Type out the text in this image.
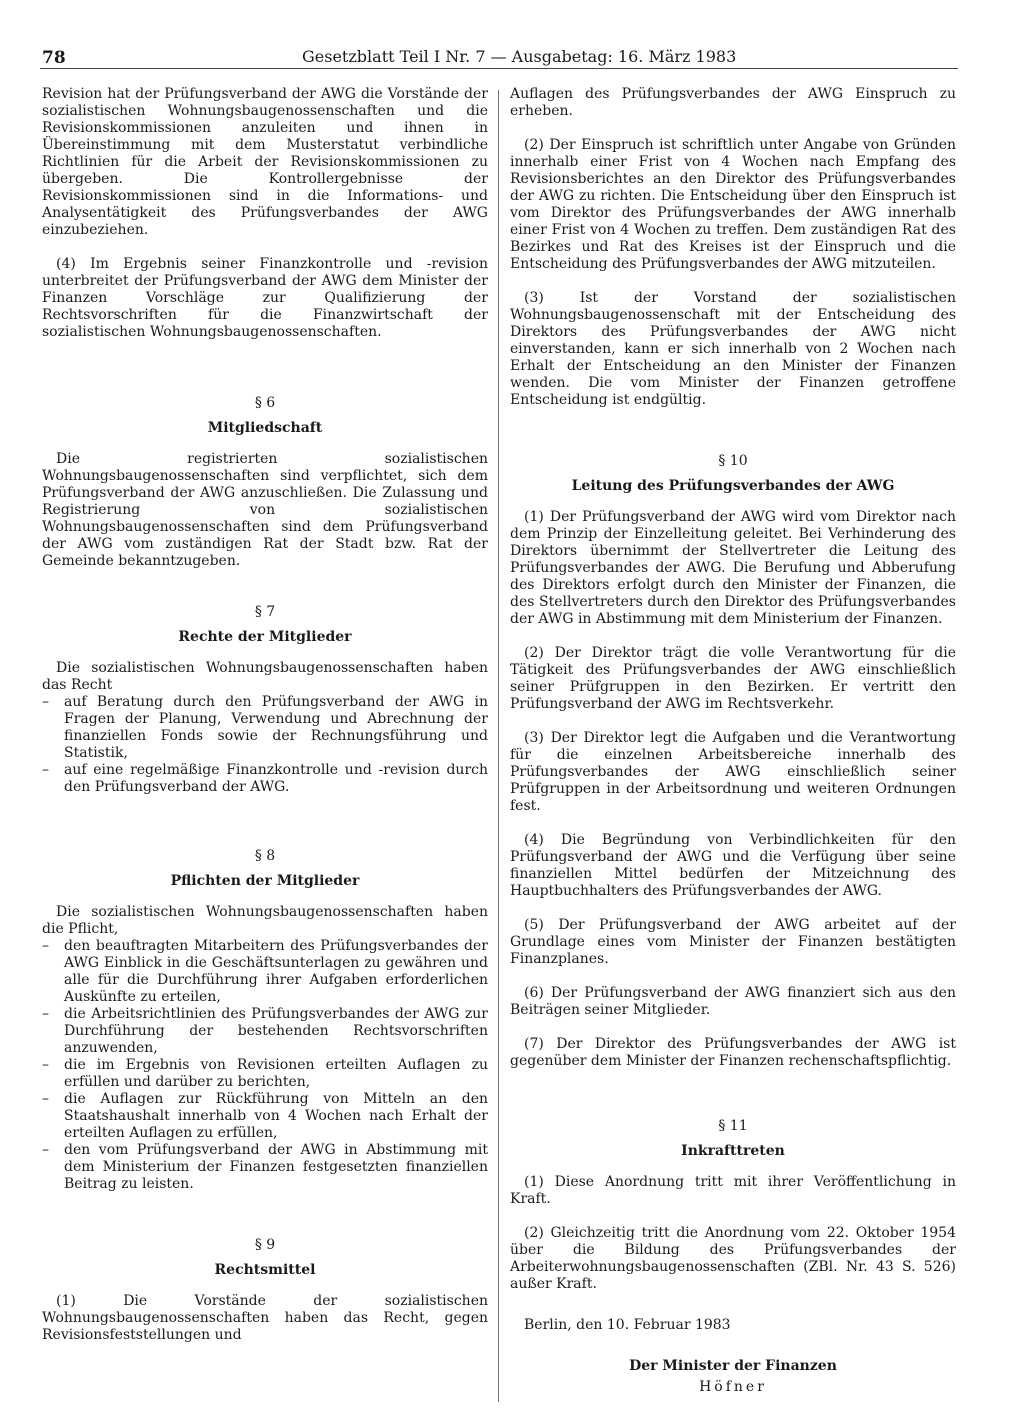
78	Gesetzblatt Teil I Nr. 7 — Ausgabetag: 16. März 1983

Revision hat der Prüfungsverband der AWG die Vorstände der sozialistischen Wohnungsbaugenossenschaften und die Revisionskommissionen anzuleiten und ihnen in Übereinstimmung mit dem Musterstatut verbindliche Richtlinien für die Arbeit der Revisionskommissionen zu übergeben. Die Kontrollergebnisse der Revisionskommissionen sind in die Informations- und Analysentätigkeit des Prüfungsverbandes der AWG einzubeziehen.

(4) Im Ergebnis seiner Finanzkontrolle und -revision unterbreitet der Prüfungsverband der AWG dem Minister der Finanzen Vorschläge zur Qualifizierung der Rechtsvorschriften für die Finanzwirtschaft der sozialistischen Wohnungsbaugenossenschaften.

§ 6

Mitgliedschaft

Die registrierten sozialistischen Wohnungsbaugenossenschaften sind verpflichtet, sich dem Prüfungsverband der AWG anzuschließen. Die Zulassung und Registrierung von sozialistischen Wohnungsbaugenossenschaften sind dem Prüfungsverband der AWG vom zuständigen Rat der Stadt bzw. Rat der Gemeinde bekanntzugeben.

§ 7

Rechte der Mitglieder

Die sozialistischen Wohnungsbaugenossenschaften haben das Recht

– auf Beratung durch den Prüfungsverband der AWG in Fragen der Planung, Verwendung und Abrechnung der finanziellen Fonds sowie der Rechnungsführung und Statistik,
– auf eine regelmäßige Finanzkontrolle und -revision durch den Prüfungsverband der AWG.

§ 8

Pflichten der Mitglieder

Die sozialistischen Wohnungsbaugenossenschaften haben die Pflicht,

– den beauftragten Mitarbeitern des Prüfungsverbandes der AWG Einblick in die Geschäftsunterlagen zu gewähren und alle für die Durchführung ihrer Aufgaben erforderlichen Auskünfte zu erteilen,
– die Arbeitsrichtlinien des Prüfungsverbandes der AWG zur Durchführung der bestehenden Rechtsvorschriften anzuwenden,
– die im Ergebnis von Revisionen erteilten Auflagen zu erfüllen und darüber zu berichten,
– die Auflagen zur Rückführung von Mitteln an den Staatshaushalt innerhalb von 4 Wochen nach Erhalt der erteilten Auflagen zu erfüllen,
– den vom Prüfungsverband der AWG in Abstimmung mit dem Ministerium der Finanzen festgesetzten finanziellen Beitrag zu leisten.

§ 9

Rechtsmittel

(1) Die Vorstände der sozialistischen Wohnungsbaugenossenschaften haben das Recht, gegen Revisionsfeststellungen und

Auflagen des Prüfungsverbandes der AWG Einspruch zu erheben.

(2) Der Einspruch ist schriftlich unter Angabe von Gründen innerhalb einer Frist von 4 Wochen nach Empfang des Revisionsberichtes an den Direktor des Prüfungsverbandes der AWG zu richten. Die Entscheidung über den Einspruch ist vom Direktor des Prüfungsverbandes der AWG innerhalb einer Frist von 4 Wochen zu treffen. Dem zuständigen Rat des Bezirkes und Rat des Kreises ist der Einspruch und die Entscheidung des Prüfungsverbandes der AWG mitzuteilen.

(3) Ist der Vorstand der sozialistischen Wohnungsbaugenossenschaft mit der Entscheidung des Direktors des Prüfungsverbandes der AWG nicht einverstanden, kann er sich innerhalb von 2 Wochen nach Erhalt der Entscheidung an den Minister der Finanzen wenden. Die vom Minister der Finanzen getroffene Entscheidung ist endgültig.

§ 10

Leitung des Prüfungsverbandes der AWG

(1) Der Prüfungsverband der AWG wird vom Direktor nach dem Prinzip der Einzelleitung geleitet. Bei Verhinderung des Direktors übernimmt der Stellvertreter die Leitung des Prüfungsverbandes der AWG. Die Berufung und Abberufung des Direktors erfolgt durch den Minister der Finanzen, die des Stellvertreters durch den Direktor des Prüfungsverbandes der AWG in Abstimmung mit dem Ministerium der Finanzen.

(2) Der Direktor trägt die volle Verantwortung für die Tätigkeit des Prüfungsverbandes der AWG einschließlich seiner Prüfgruppen in den Bezirken. Er vertritt den Prüfungsverband der AWG im Rechtsverkehr.

(3) Der Direktor legt die Aufgaben und die Verantwortung für die einzelnen Arbeitsbereiche innerhalb des Prüfungsverbandes der AWG einschließlich seiner Prüfgruppen in der Arbeitsordnung und weiteren Ordnungen fest.

(4) Die Begründung von Verbindlichkeiten für den Prüfungsverband der AWG und die Verfügung über seine finanziellen Mittel bedürfen der Mitzeichnung des Hauptbuchhalters des Prüfungsverbandes der AWG.

(5) Der Prüfungsverband der AWG arbeitet auf der Grundlage eines vom Minister der Finanzen bestätigten Finanzplanes.

(6) Der Prüfungsverband der AWG finanziert sich aus den Beiträgen seiner Mitglieder.

(7) Der Direktor des Prüfungsverbandes der AWG ist gegenüber dem Minister der Finanzen rechenschaftspflichtig.

§ 11

Inkrafttreten

(1) Diese Anordnung tritt mit ihrer Veröffentlichung in Kraft.

(2) Gleichzeitig tritt die Anordnung vom 22. Oktober 1954 über die Bildung des Prüfungsverbandes der Arbeiterwohnungsbaugenossenschaften (ZBl. Nr. 43 S. 526) außer Kraft.

Berlin, den 10. Februar 1983

Der Minister der Finanzen
Höfner
